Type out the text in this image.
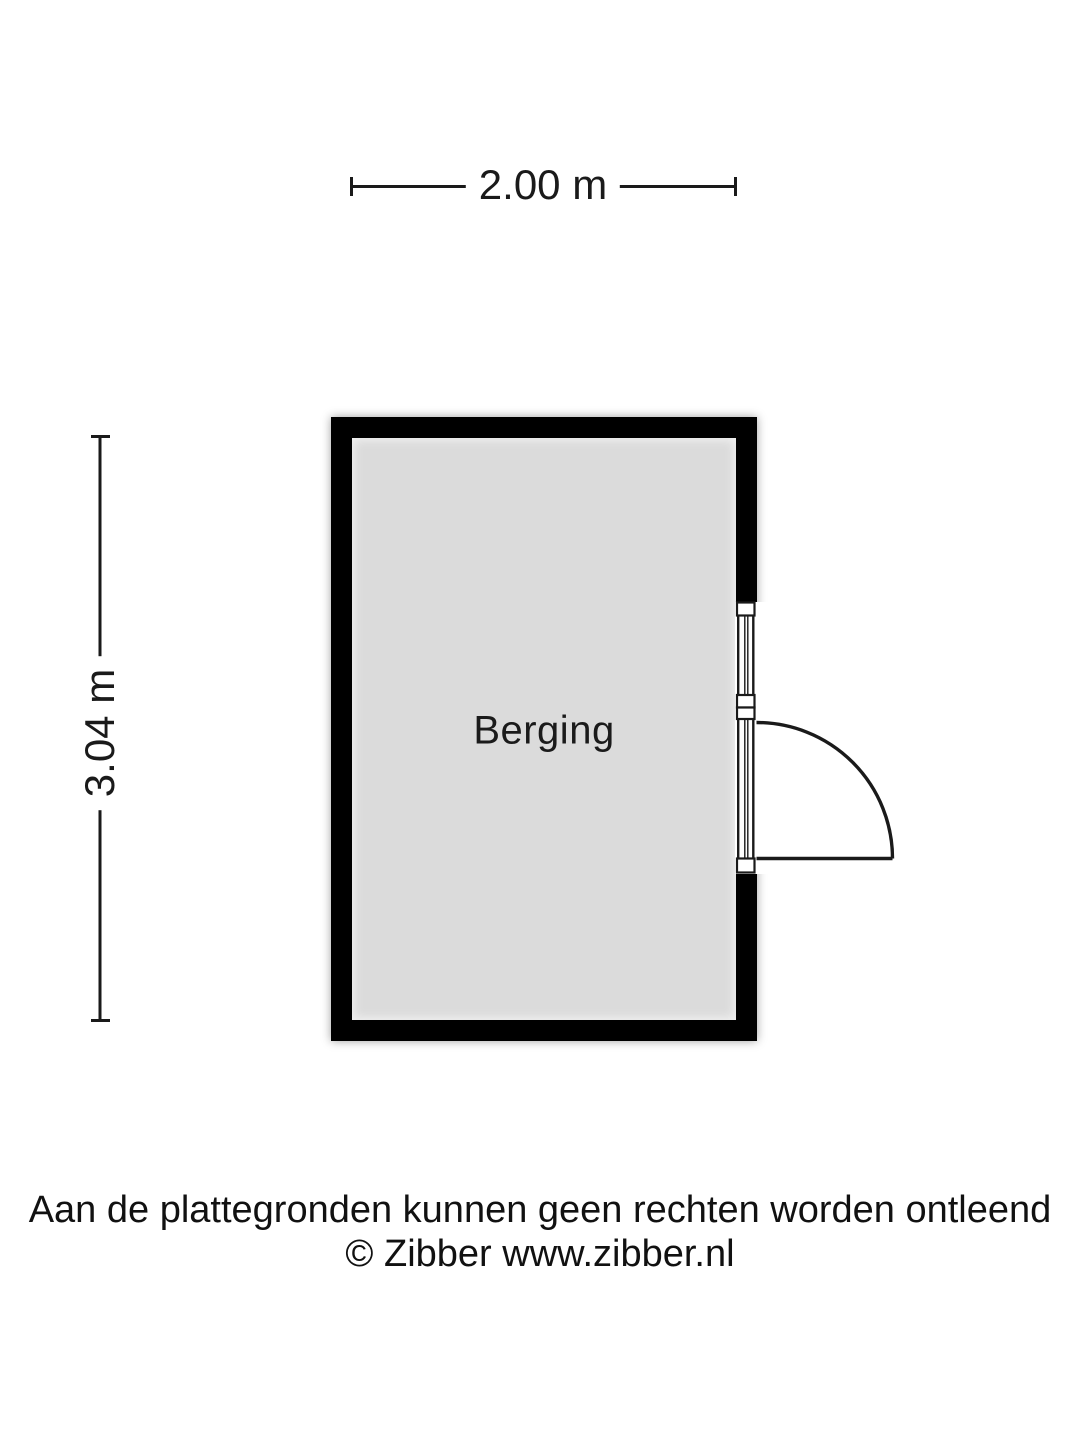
2.00 m
3.04 m	Berging
Aan de plattegronden kunnen geen rechten worden ontleend
© Zibber www.zibber.nl
